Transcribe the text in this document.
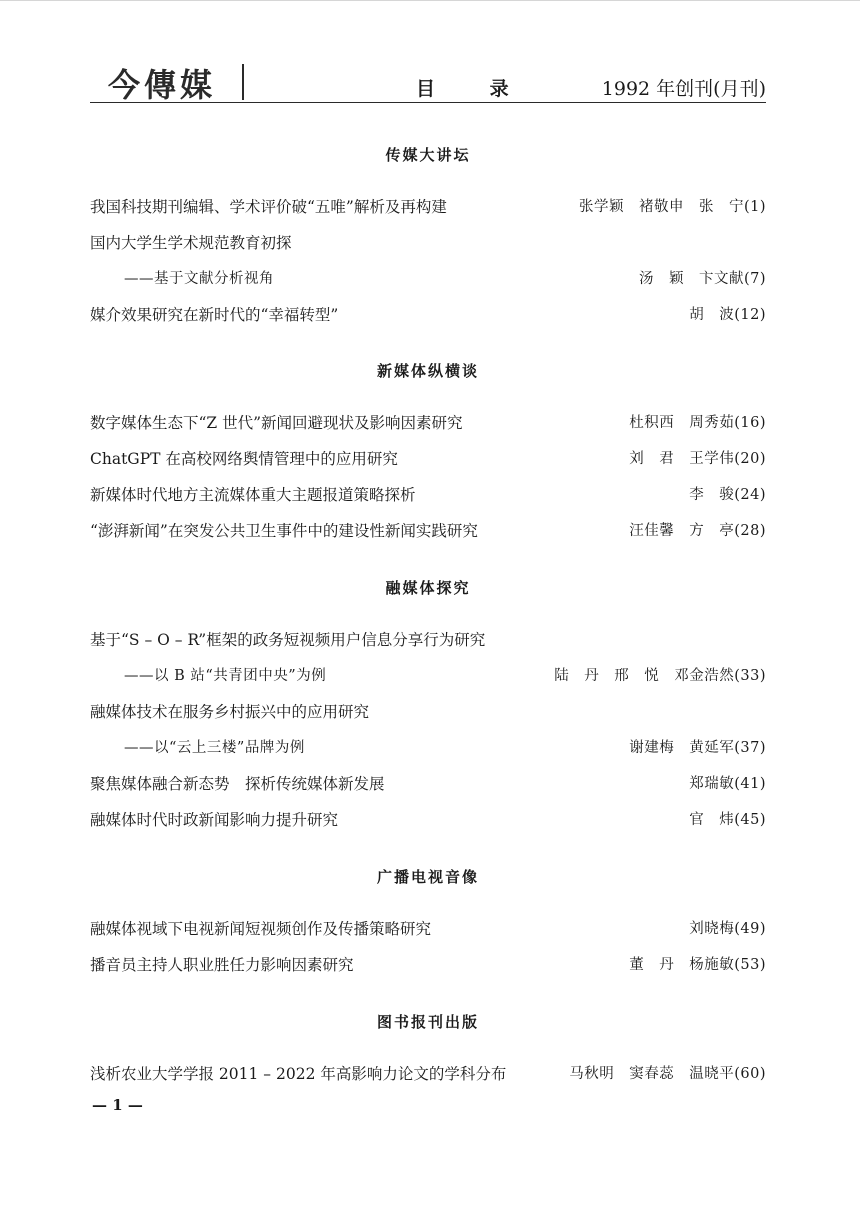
今傳媒	目 录	1992 年创刊(月刊)
传媒大讲坛
我国科技期刊编辑、学术评价破“五唯”解析及再构建	张学颖　褚敬申　张　宁(1)
国内大学生学术规范教育初探
——基于文献分析视角	汤　颖　卞文献(7)
媒介效果研究在新时代的“幸福转型”	胡　波(12)
新媒体纵横谈
数字媒体生态下“Z 世代”新闻回避现状及影响因素研究	杜积西　周秀茹(16)
ChatGPT 在高校网络舆情管理中的应用研究	刘　君　王学伟(20)
新媒体时代地方主流媒体重大主题报道策略探析	李　骏(24)
“澎湃新闻”在突发公共卫生事件中的建设性新闻实践研究	汪佳馨　方　亭(28)
融媒体探究
基于“S – O – R”框架的政务短视频用户信息分享行为研究
——以 B 站“共青团中央”为例	陆　丹　邢　悦　邓金浩然(33)
融媒体技术在服务乡村振兴中的应用研究
——以“云上三楼”品牌为例	谢建梅　黄延军(37)
聚焦媒体融合新态势　探析传统媒体新发展	郑瑞敏(41)
融媒体时代时政新闻影响力提升研究	官　炜(45)
广播电视音像
融媒体视域下电视新闻短视频创作及传播策略研究	刘晓梅(49)
播音员主持人职业胜任力影响因素研究	董　丹　杨施敏(53)
图书报刊出版
浅析农业大学学报 2011 – 2022 年高影响力论文的学科分布	马秋明　窦春蕊　温晓平(60)
— 1 —
